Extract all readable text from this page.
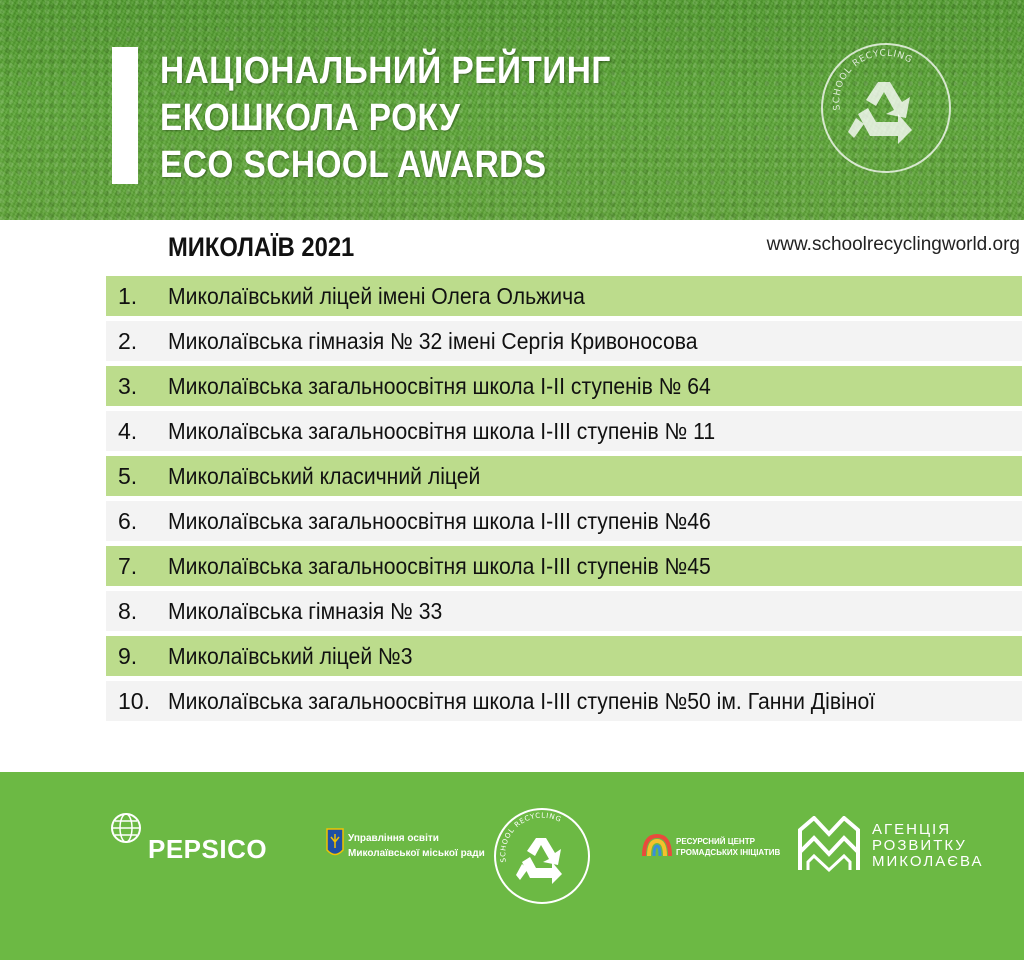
НАЦІОНАЛЬНИЙ РЕЙТИНГ
ЕКОШКОЛА РОКУ
ECO SCHOOL AWARDS
SCHOOL RECYCLING
МИКОЛАЇВ 2021	www.schoolrecyclingworld.org
1.	Миколаївський ліцей імені Олега Ольжича
2.	Миколаївська гімназія № 32 імені Сергія Кривоносова
3.	Миколаївська загальноосвітня школа I-II ступенів № 64
4.	Миколаївська загальноосвітня школа I-III ступенів № 11
5.	Миколаївський класичний ліцей
6.	Миколаївська загальноосвітня школа I-III ступенів №46
7.	Миколаївська загальноосвітня школа I-III ступенів №45
8.	Миколаївська гімназія № 33
9.	Миколаївський ліцей №3
10. Миколаївська загальноосвітня школа I-III ступенів №50 ім. Ганни Дівіної
PEPSICO	Управління освіти
Миколаївської міської ради
SCHOOL RECYCLING
РЕСУРСНИЙ ЦЕНТР
ГРОМАДСЬКИХ ІНІЦІАТИВ
АГЕНЦІЯ
РОЗВИТКУ
МИКОЛАЄВА
